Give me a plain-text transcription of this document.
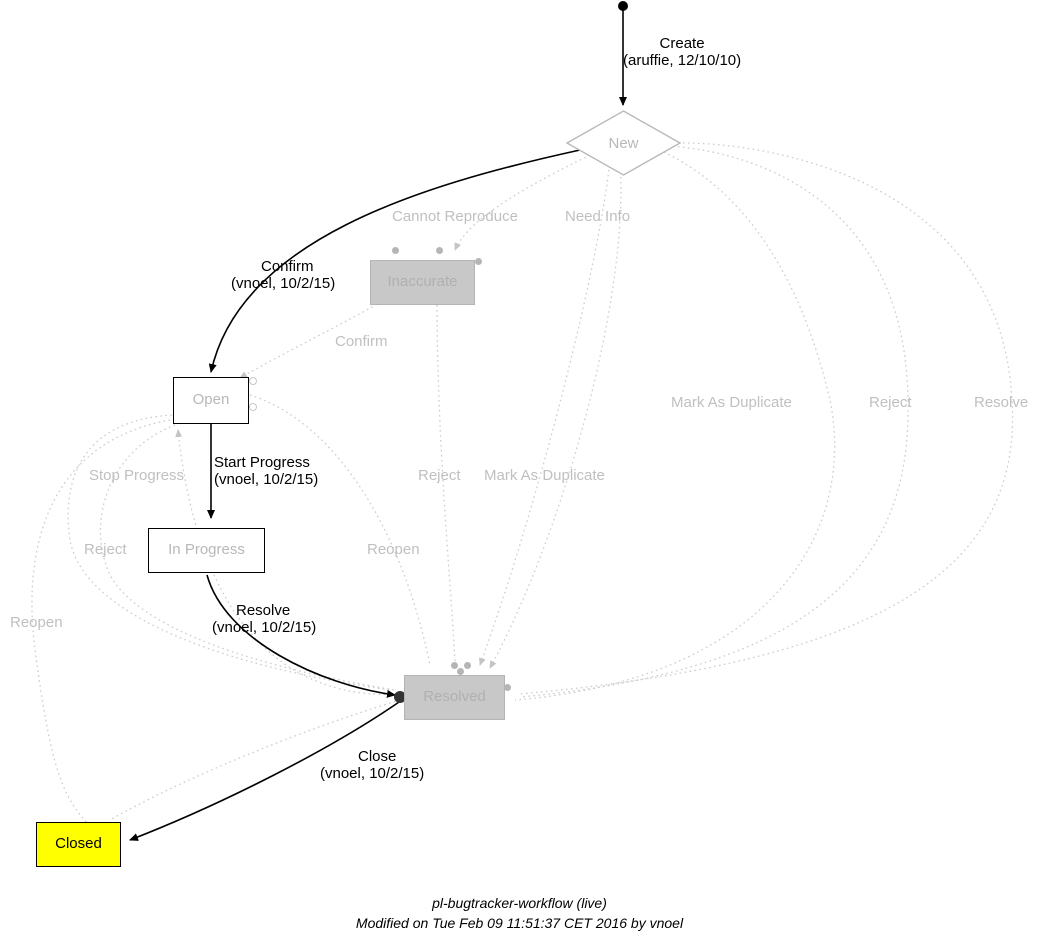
New
Inaccurate
Open
In Progress
Resolved
Closed
Create
(aruffie, 12/10/10)
Confirm
(vnoel, 10/2/15)
Start Progress
(vnoel, 10/2/15)
Resolve
(vnoel, 10/2/15)
Close
(vnoel, 10/2/15)
Cannot Reproduce	Need Info
Confirm
Mark As Duplicate	Reject	Resolve
Stop Progress
Reject
Reject Mark As Duplicate
Reopen
Reopen
pl-bugtracker-workflow (live)
Modified on Tue Feb 09 11:51:37 CET 2016 by vnoel
